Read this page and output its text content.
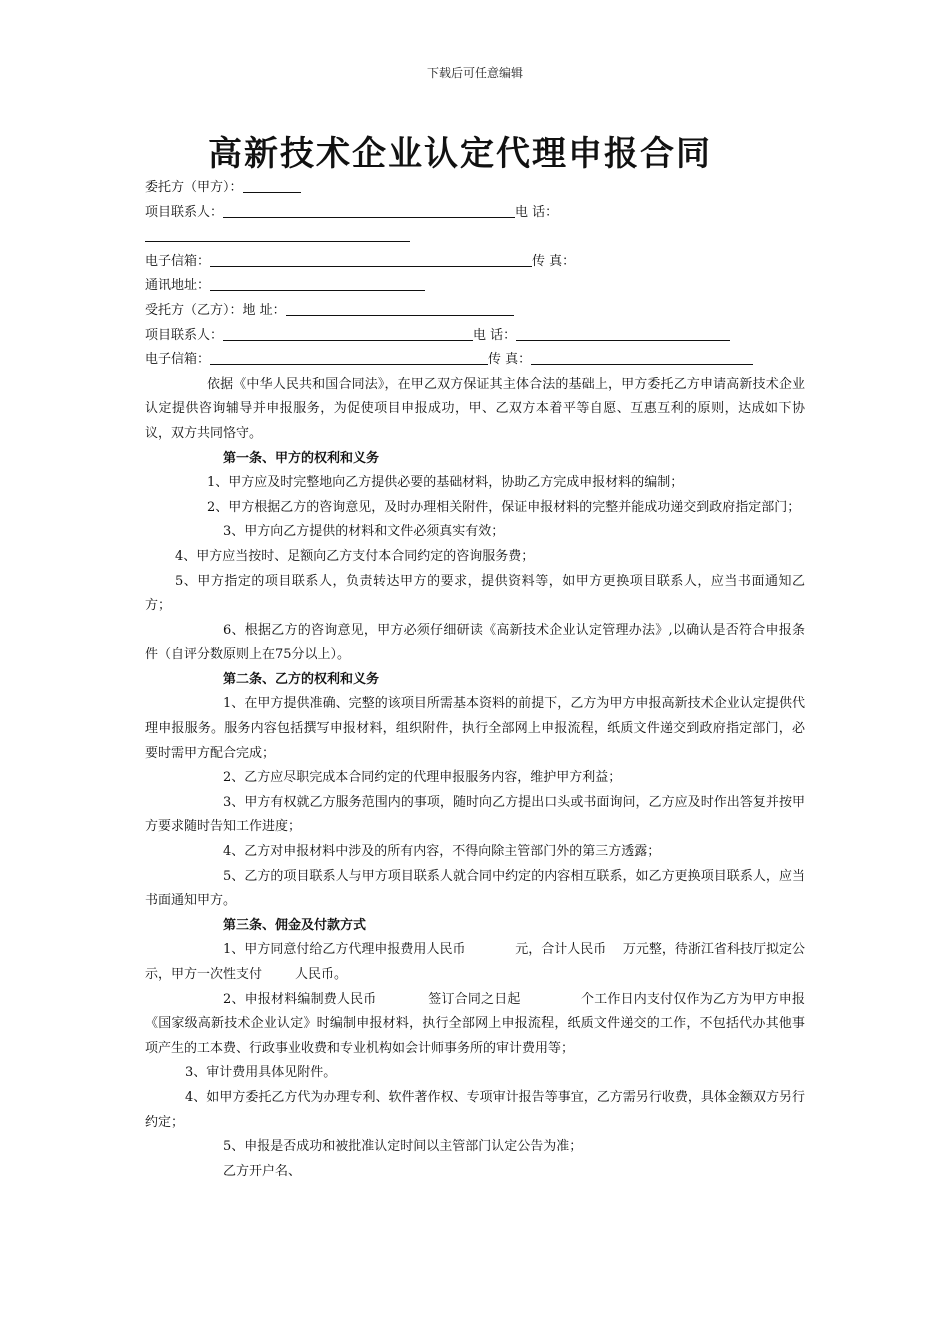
下载后可任意编辑
高新技术企业认定代理申报合同
委托方（甲方）：
项目联系人：	电 话：
电子信箱：	传 真：
通讯地址：
受托方（乙方）：地 址：
项目联系人：	电 话：
电子信箱：	传 真：
依据《中华人民共和国合同法》，在甲乙双方保证其主体合法的基础上，甲方委托乙方申请高新技术企业认定提供咨询辅导并申报服务，为促使项目申报成功，甲、乙双方本着平等自愿、互惠互利的原则，达成如下协议，双方共同恪守。
第一条、甲方的权利和义务
1、甲方应及时完整地向乙方提供必要的基础材料，协助乙方完成申报材料的编制；
2、甲方根据乙方的咨询意见，及时办理相关附件，保证申报材料的完整并能成功递交到政府指定部门；
3、甲方向乙方提供的材料和文件必须真实有效；
4、甲方应当按时、足额向乙方支付本合同约定的咨询服务费；
5、甲方指定的项目联系人，负责转达甲方的要求，提供资料等，如甲方更换项目联系人，应当书面通知乙方；
6、根据乙方的咨询意见，甲方必须仔细研读《高新技术企业认定管理办法》,以确认是否符合申报条件（自评分数原则上在75分以上）。
第二条、乙方的权利和义务
1、在甲方提供准确、完整的该项目所需基本资料的前提下，乙方为甲方申报高新技术企业认定提供代理申报服务。服务内容包括撰写申报材料，组织附件，执行全部网上申报流程，纸质文件递交到政府指定部门，必要时需甲方配合完成；
2、乙方应尽职完成本合同约定的代理申报服务内容，维护甲方利益；
3、甲方有权就乙方服务范围内的事项，随时向乙方提出口头或书面询问，乙方应及时作出答复并按甲方要求随时告知工作进度；
4、乙方对申报材料中涉及的所有内容，不得向除主管部门外的第三方透露；
5、乙方的项目联系人与甲方项目联系人就合同中约定的内容相互联系，如乙方更换项目联系人，应当书面通知甲方。
第三条、佣金及付款方式
1、甲方同意付给乙方代理申报费用人民币            元，合计人民币    万元整，待浙江省科技厅拟定公示，甲方一次性支付        人民币。
2、申报材料编制费人民币            签订合同之日起              个工作日内支付仅作为乙方为甲方申报《国家级高新技术企业认定》时编制申报材料，执行全部网上申报流程，纸质文件递交的工作，不包括代办其他事项产生的工本费、行政事业收费和专业机构如会计师事务所的审计费用等；
3、审计费用具体见附件。
4、如甲方委托乙方代为办理专利、软件著作权、专项审计报告等事宜，乙方需另行收费，具体金额双方另行约定；
5、申报是否成功和被批准认定时间以主管部门认定公告为准；
乙方开户名、
